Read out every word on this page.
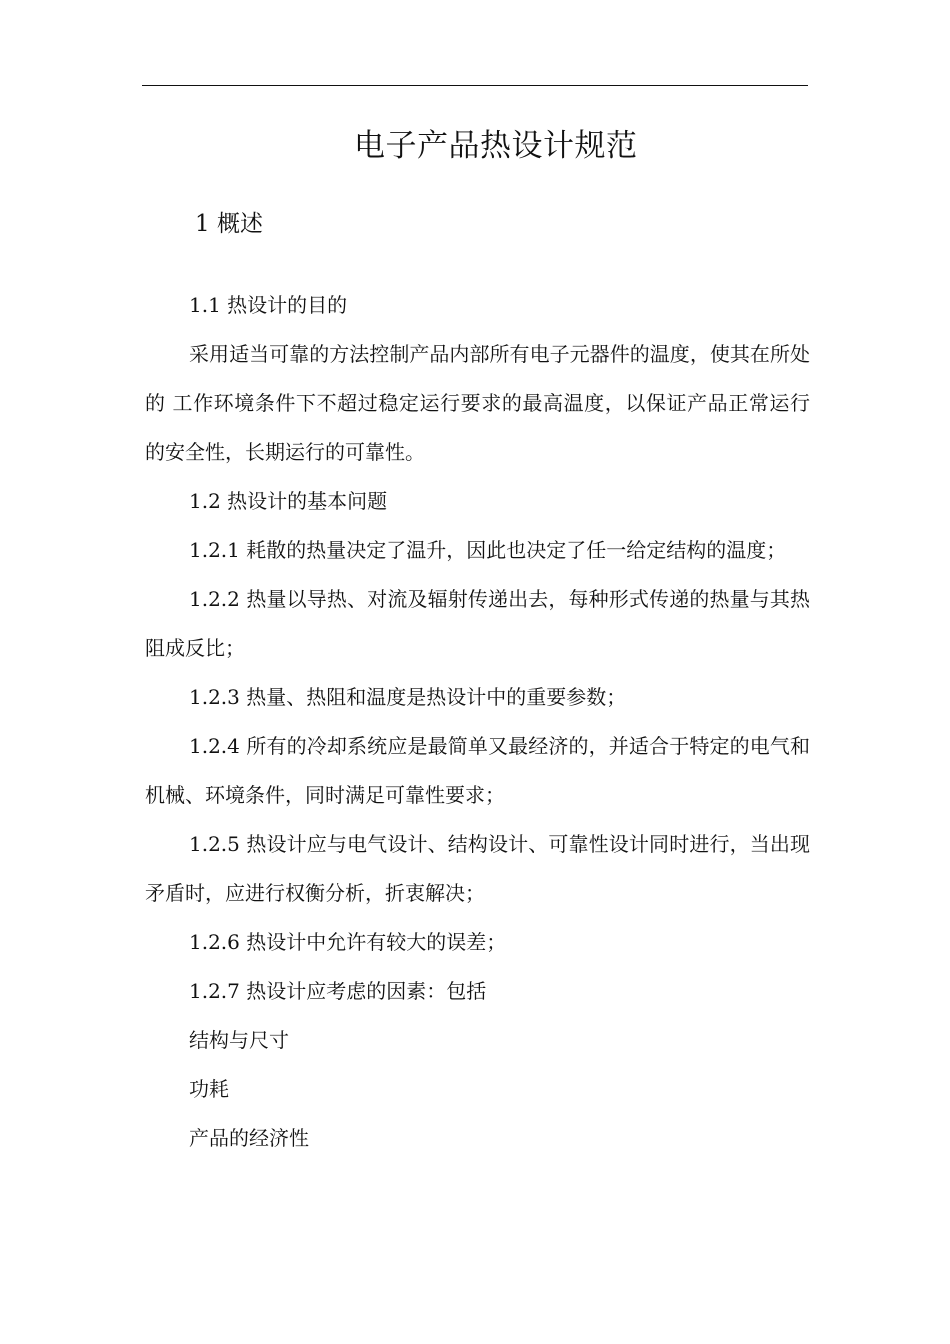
电子产品热设计规范
1 概述

1.1 热设计的目的

采用适当可靠的方法控制产品内部所有电子元器件的温度，使其在所处的 工作环境条件下不超过稳定运行要求的最高温度，以保证产品正常运行的安全性，长期运行的可靠性。

1.2 热设计的基本问题

1.2.1 耗散的热量决定了温升，因此也决定了任一给定结构的温度；

1.2.2 热量以导热、对流及辐射传递出去，每种形式传递的热量与其热阻成反比；

1.2.3 热量、热阻和温度是热设计中的重要参数；

1.2.4 所有的冷却系统应是最简单又最经济的，并适合于特定的电气和机械、环境条件，同时满足可靠性要求；

1.2.5 热设计应与电气设计、结构设计、可靠性设计同时进行，当出现矛盾时，应进行权衡分析，折衷解决；

1.2.6 热设计中允许有较大的误差；

1.2.7 热设计应考虑的因素：包括

结构与尺寸

功耗

产品的经济性
